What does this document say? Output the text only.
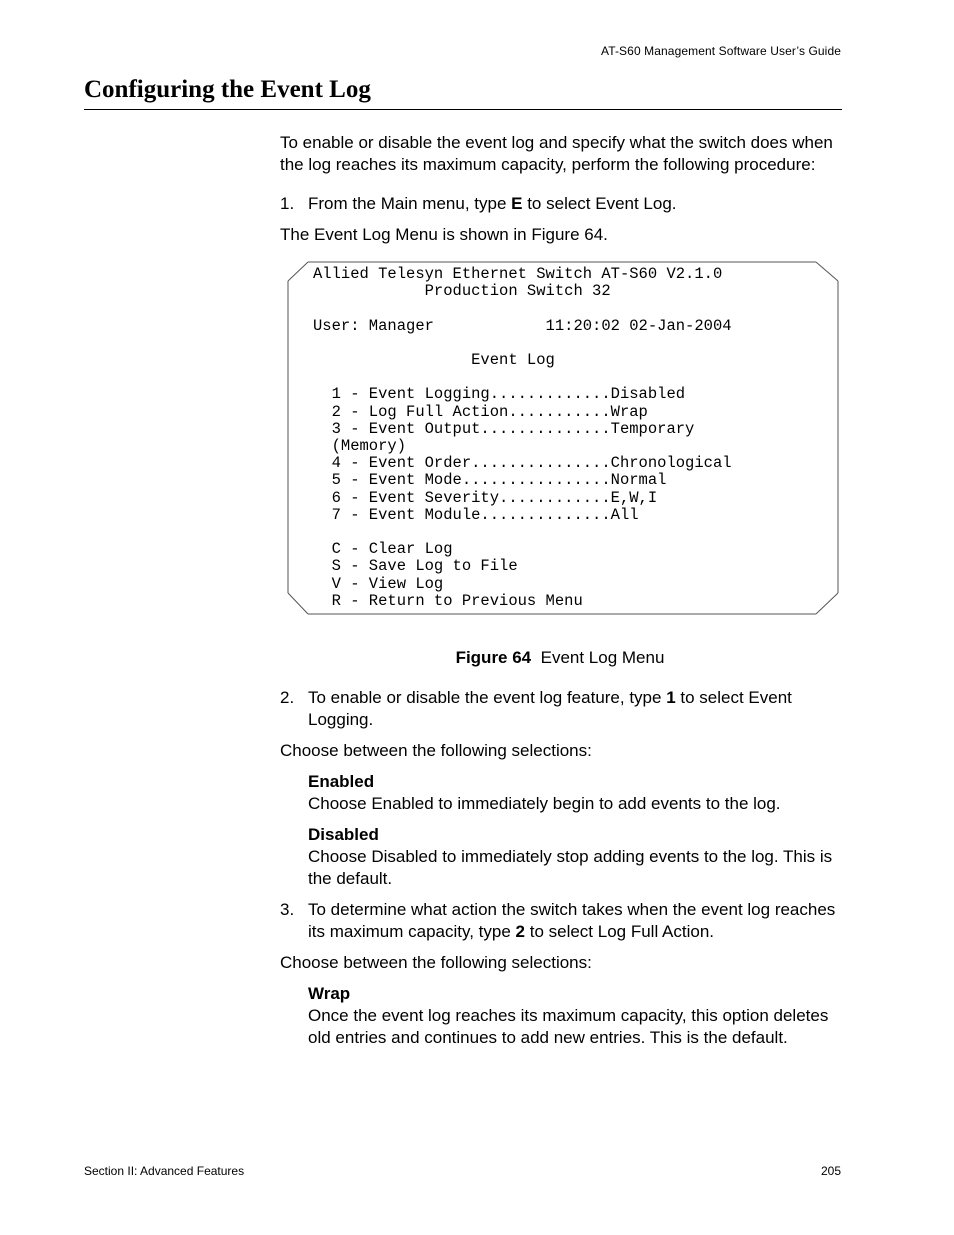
AT-S60 Management Software User’s Guide
Configuring the Event Log

To enable or disable the event log and specify what the switch does when the log reaches its maximum capacity, perform the following procedure:

1. From the Main menu, type E to select Event Log.

The Event Log Menu is shown in Figure 64.

Allied Telesyn Ethernet Switch AT-S60 V2.1.0
Production Switch 32

User: Manager            11:20:02 02-Jan-2004

Event Log

1 - Event Logging.............Disabled
2 - Log Full Action...........Wrap
3 - Event Output..............Temporary
(Memory)
4 - Event Order...............Chronological
5 - Event Mode................Normal
6 - Event Severity............E,W,I
7 - Event Module..............All

C - Clear Log
S - Save Log to File
V - View Log
R - Return to Previous Menu

Figure 64 Event Log Menu

2. To enable or disable the event log feature, type 1 to select Event Logging.

Choose between the following selections:

Enabled
Choose Enabled to immediately begin to add events to the log.
Disabled
Choose Disabled to immediately stop adding events to the log. This is the default.
3. To determine what action the switch takes when the event log reaches its maximum capacity, type 2 to select Log Full Action.

Choose between the following selections:

Wrap
Once the event log reaches its maximum capacity, this option deletes old entries and continues to add new entries. This is the default.
Section II: Advanced Features	205
